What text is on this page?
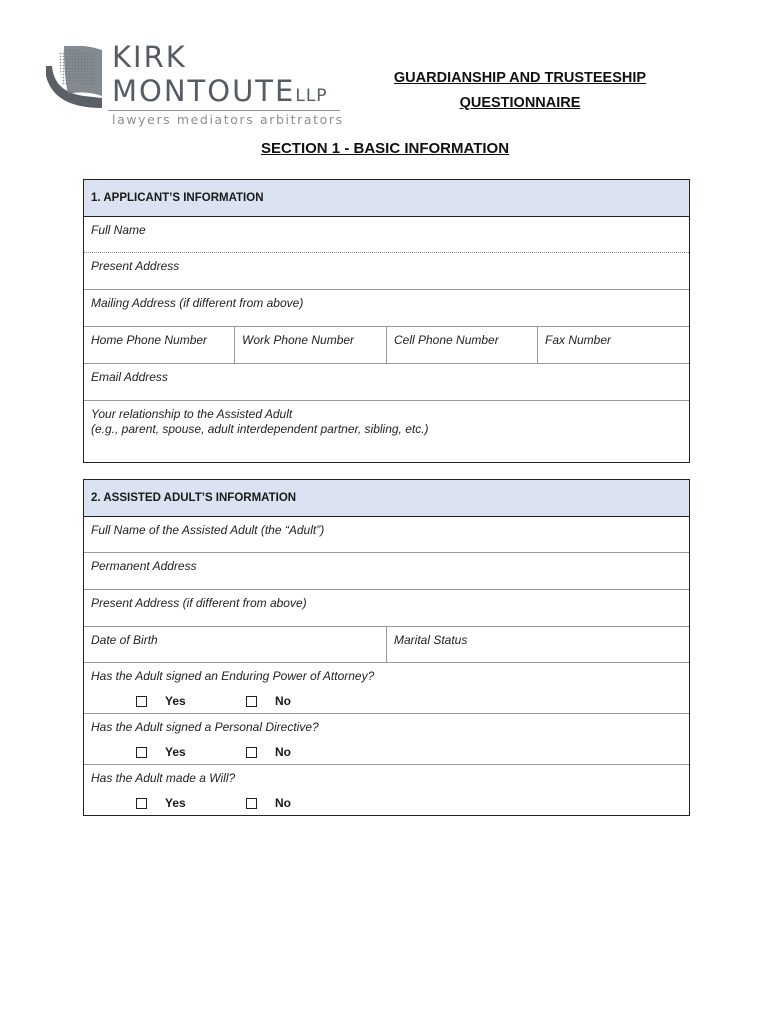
KIRK
MONTOUTELLP
lawyers mediators arbitrators
GUARDIANSHIP AND TRUSTEESHIP
QUESTIONNAIRE
SECTION 1 - BASIC INFORMATION
1. APPLICANT’S INFORMATION
Full Name
Present Address
Mailing Address (if different from above)
Home Phone Number	Work Phone Number	Cell Phone Number	Fax Number
Email Address
Your relationship to the Assisted Adult
(e.g., parent, spouse, adult interdependent partner, sibling, etc.)
2. ASSISTED ADULT’S INFORMATION
Full Name of the Assisted Adult (the “Adult”)
Permanent Address
Present Address (if different from above)
Date of Birth	Marital Status
Has the Adult signed an Enduring Power of Attorney?
Yes	No
Has the Adult signed a Personal Directive?
Yes	No
Has the Adult made a Will?
Yes	No
